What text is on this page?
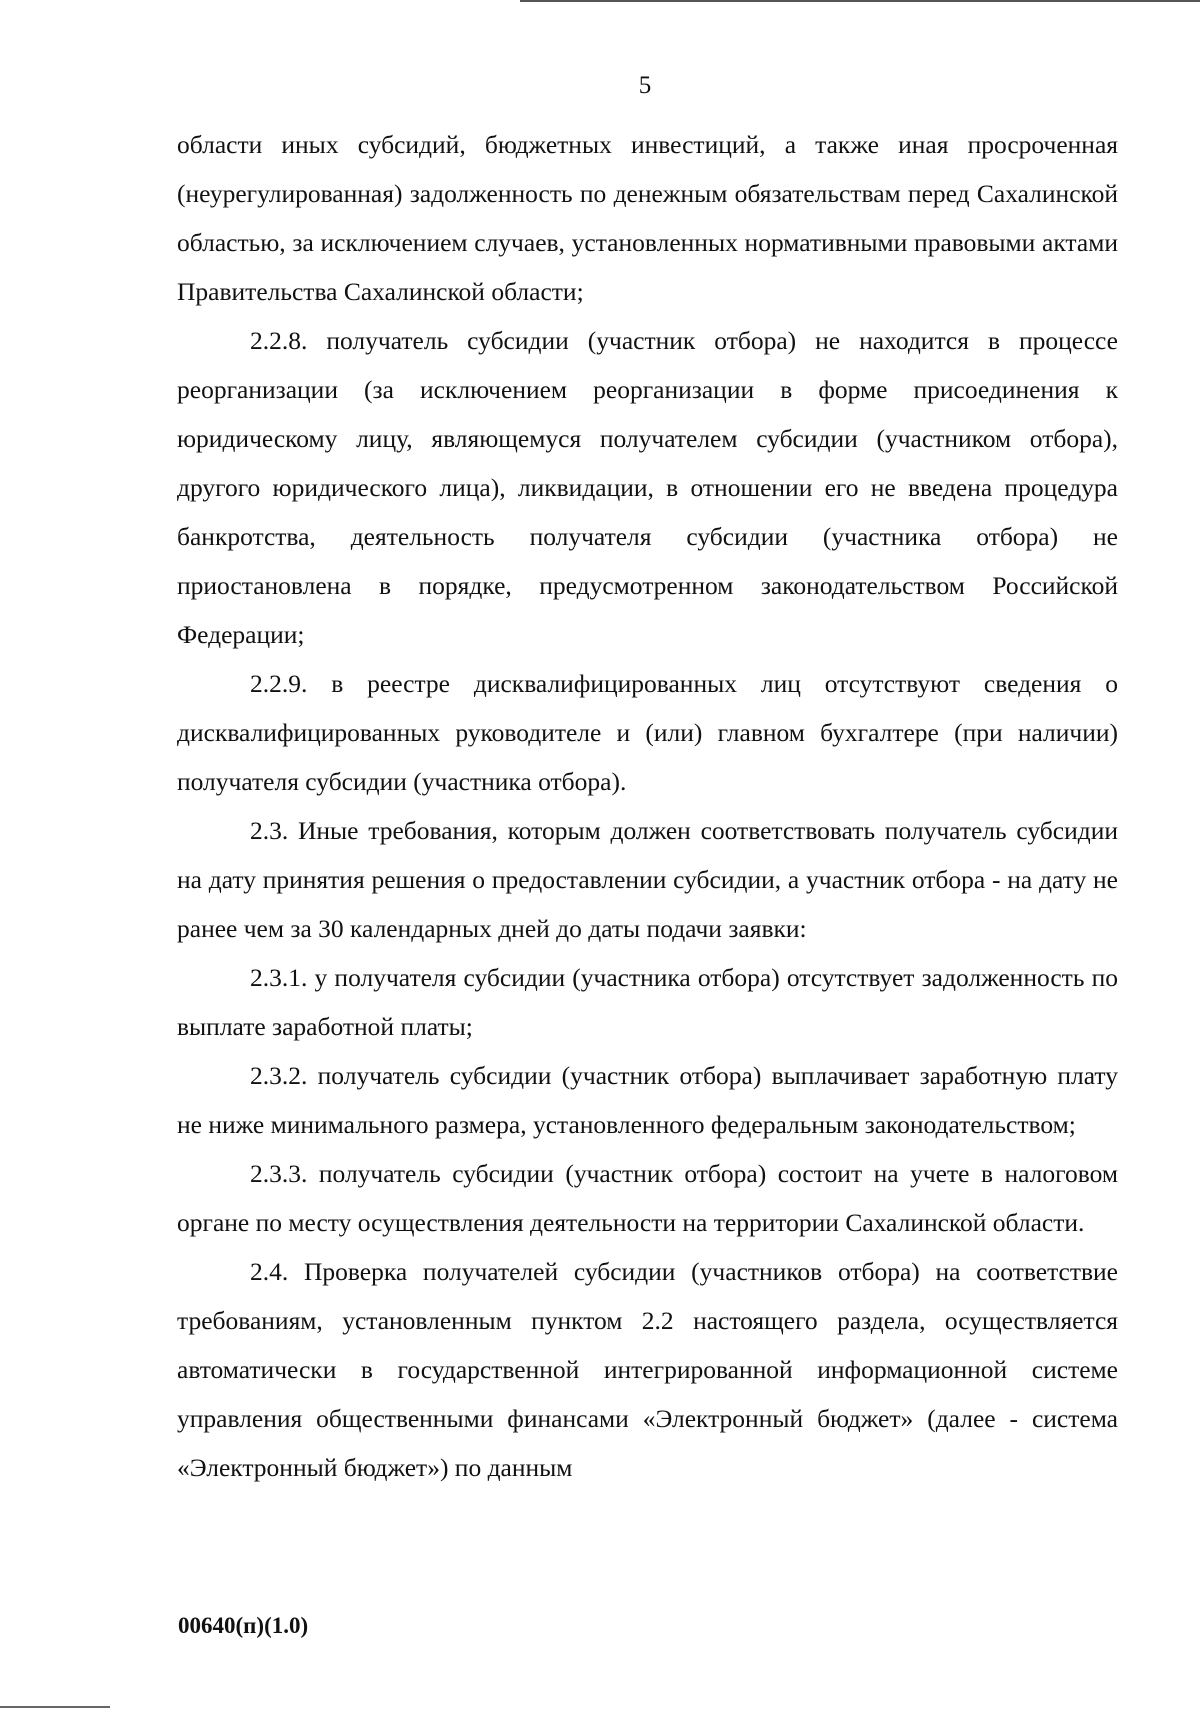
5

области иных субсидий, бюджетных инвестиций, а также иная просроченная (неурегулированная) задолженность по денежным обязательствам перед Сахалинской областью, за исключением случаев, установленных нормативными правовыми актами Правительства Сахалинской области;

2.2.8. получатель субсидии (участник отбора) не находится в процессе реорганизации (за исключением реорганизации в форме присоединения к юридическому лицу, являющемуся получателем субсидии (участником отбора), другого юридического лица), ликвидации, в отношении его не введена процедура банкротства, деятельность получателя субсидии (участника отбора) не приостановлена в порядке, предусмотренном законодательством Российской Федерации;

2.2.9. в реестре дисквалифицированных лиц отсутствуют сведения о дисквалифицированных руководителе и (или) главном бухгалтере (при наличии) получателя субсидии (участника отбора).

2.3. Иные требования, которым должен соответствовать получатель субсидии на дату принятия решения о предоставлении субсидии, а участник отбора - на дату не ранее чем за 30 календарных дней до даты подачи заявки:

2.3.1. у получателя субсидии (участника отбора) отсутствует задолженность по выплате заработной платы;

2.3.2. получатель субсидии (участник отбора) выплачивает заработную плату не ниже минимального размера, установленного федеральным законодательством;

2.3.3. получатель субсидии (участник отбора) состоит на учете в налоговом органе по месту осуществления деятельности на территории Сахалинской области.

2.4. Проверка получателей субсидии (участников отбора) на соответствие требованиям, установленным пунктом 2.2 настоящего раздела, осуществляется автоматически в государственной интегрированной информационной системе управления общественными финансами «Электронный бюджет» (далее - система «Электронный бюджет») по данным

00640(п)(1.0)
